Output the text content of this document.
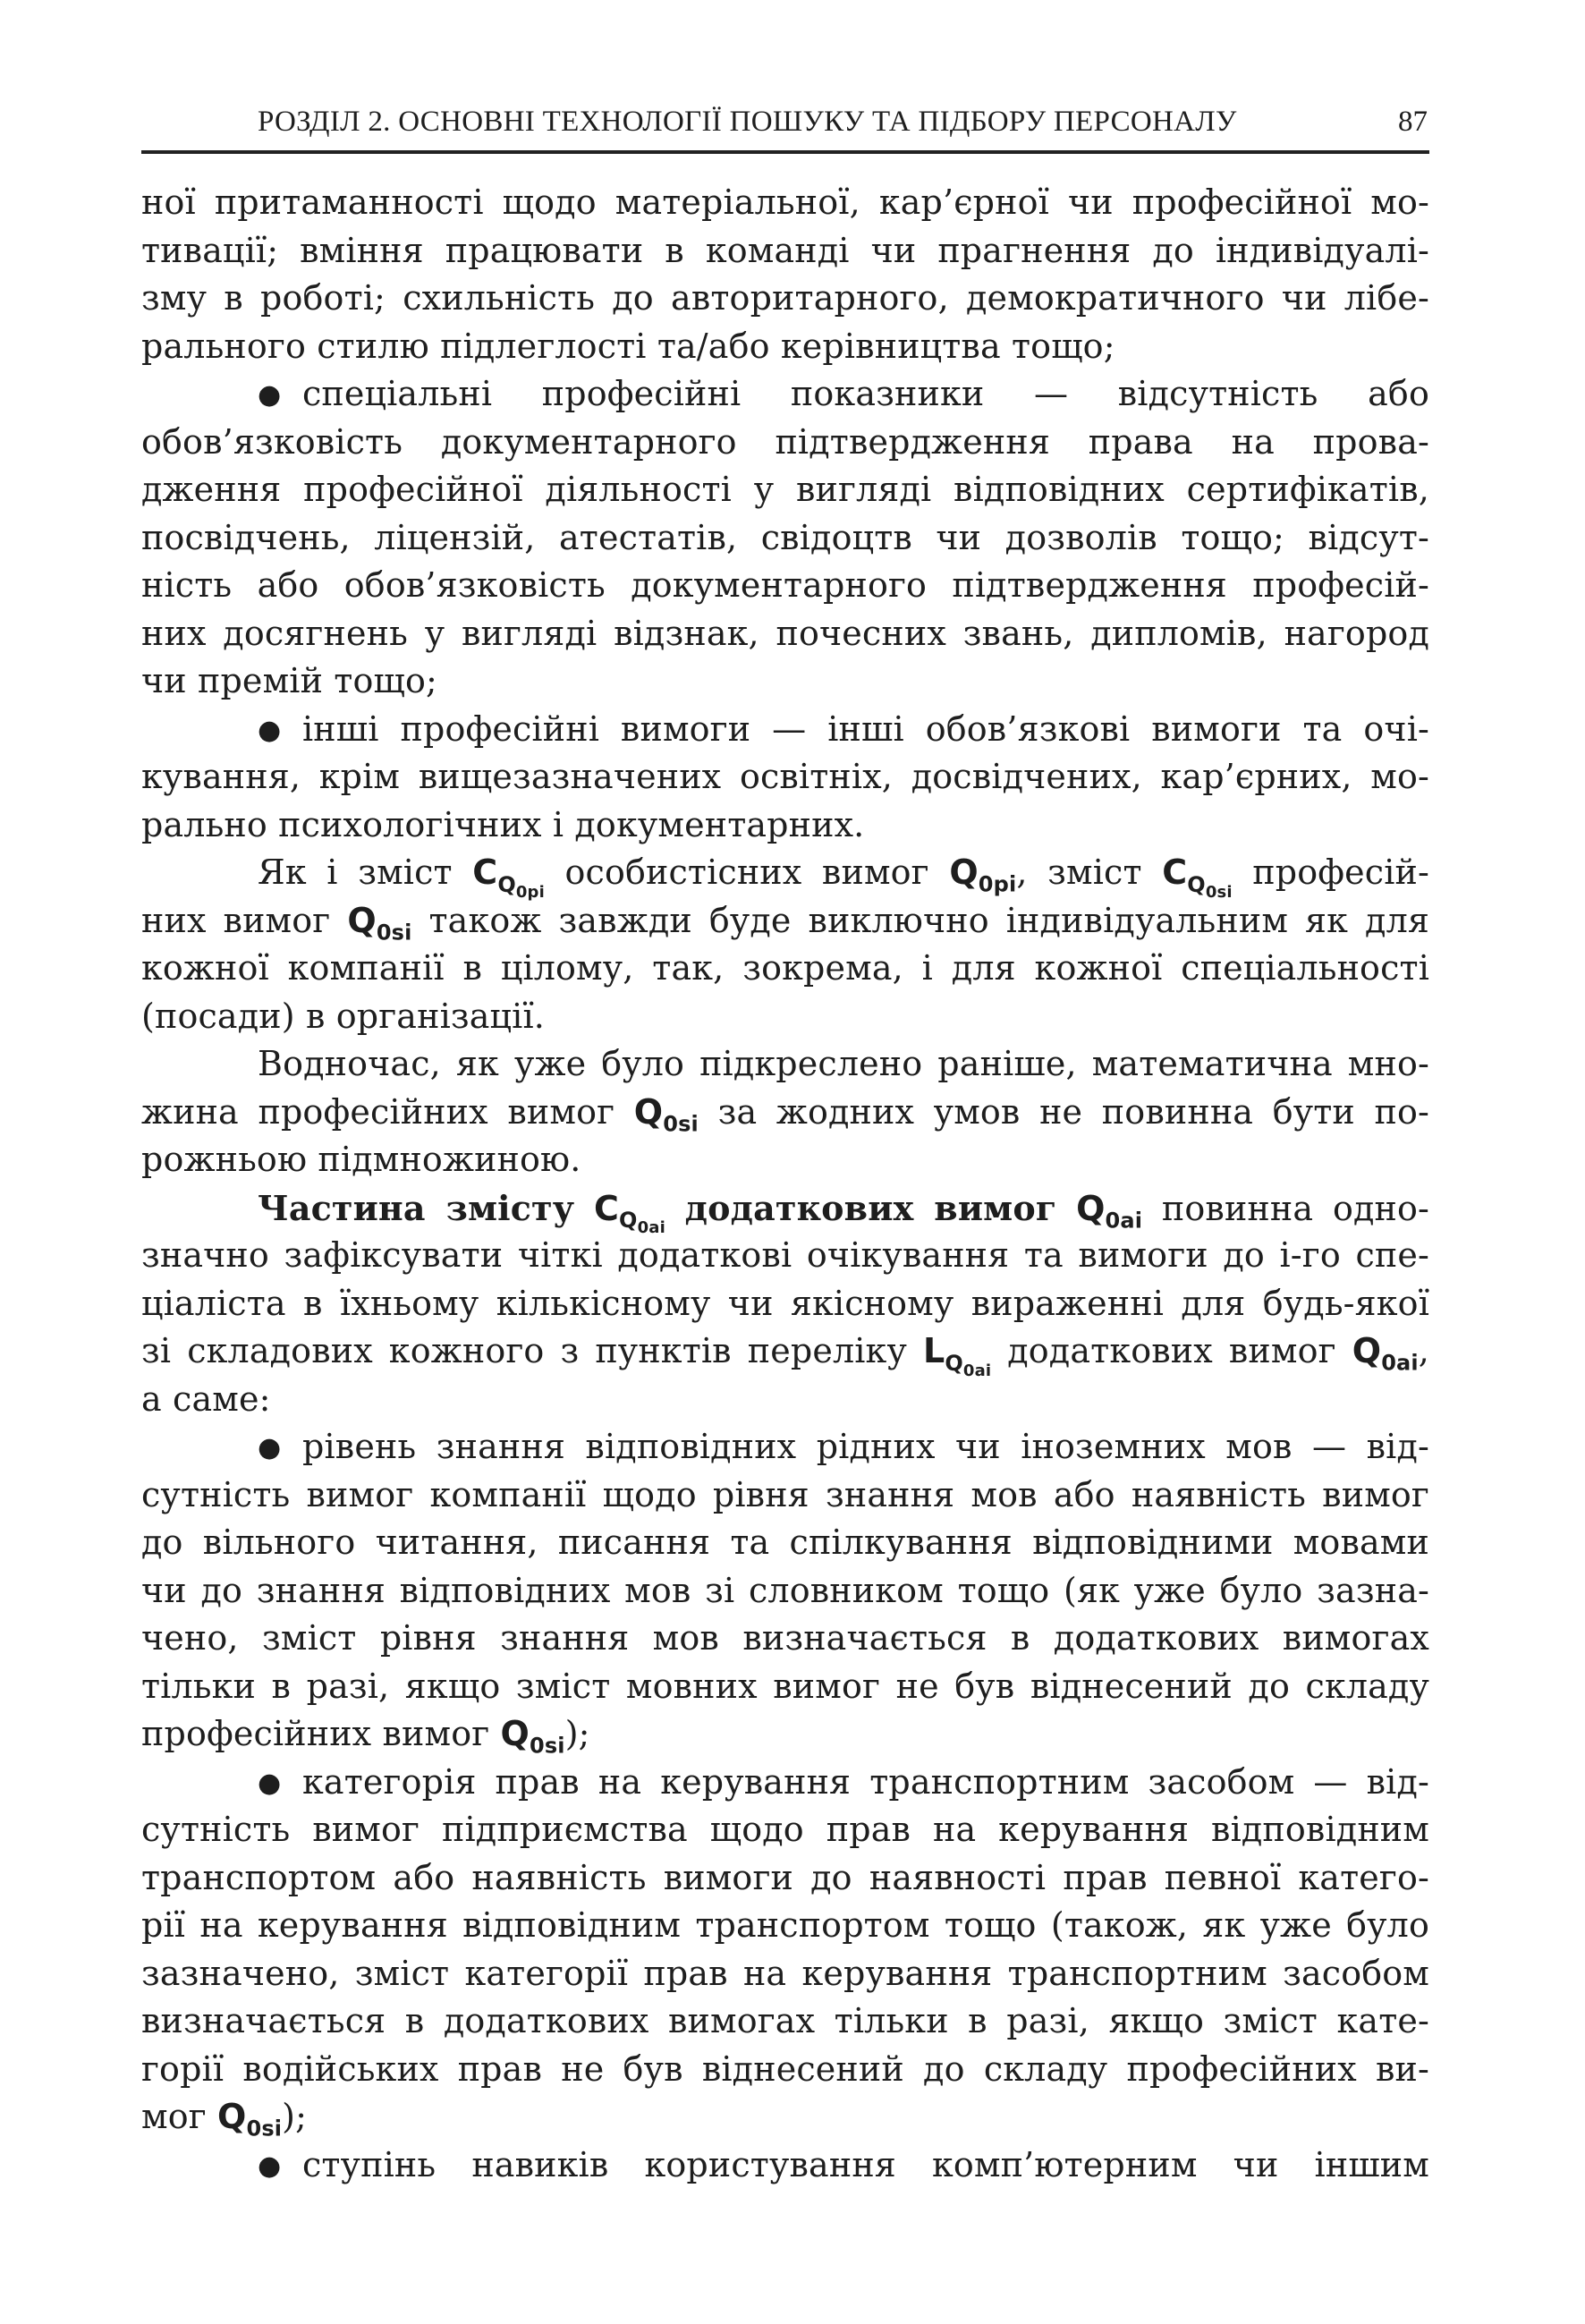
РОЗДІЛ 2. ОСНОВНІ ТЕХНОЛОГІЇ ПОШУКУ ТА ПІДБОРУ ПЕРСОНАЛУ	87
ної притаманності щодо матеріальної, кар’єрної чи професійної мо-
тивації; вміння працювати в команді чи прагнення до індивідуалі-
зму в роботі; схильність до авторитарного, демократичного чи лібе-
рального стилю підлеглості та/або керівництва тощо;
● спеціальні професійні показники — відсутність або
обов’язковість документарного підтвердження права на прова-
дження професійної діяльності у вигляді відповідних сертифікатів,
посвідчень, ліцензій, атестатів, свідоцтв чи дозволів тощо; відсут-
ність або обов’язковість документарного підтвердження професій-
них досягнень у вигляді відзнак, почесних звань, дипломів, нагород
чи премій тощо;
● інші професійні вимоги — інші обов’язкові вимоги та очі-
кування, крім вищезазначених освітніх, досвідчених, кар’єрних, мо-
рально психологічних і документарних.
Як і зміст $C_{Q_{0pi}}$ особистісних вимог $Q_{0pi}$, зміст $C_{Q_{0si}}$ професій-
них вимог $Q_{0si}$ також завжди буде виключно індивідуальним як для
кожної компанії в цілому, так, зокрема, і для кожної спеціальності
(посади) в організації.
Водночас, як уже було підкреслено раніше, математична мно-
жина професійних вимог $Q_{0si}$ за жодних умов не повинна бути по-
рожньою підмножиною.
Частина змісту $C_{Q_{0ai}}$ додаткових вимог $Q_{0ai}$ повинна одно-
значно зафіксувати чіткі додаткові очікування та вимоги до і-го спе-
ціаліста в їхньому кількісному чи якісному вираженні для будь-якої
зі складових кожного з пунктів переліку $L_{Q_{0ai}}$ додаткових вимог $Q_{0ai}$,
а саме:
● рівень знання відповідних рідних чи іноземних мов — від-
сутність вимог компанії щодо рівня знання мов або наявність вимог
до вільного читання, писання та спілкування відповідними мовами
чи до знання відповідних мов зі словником тощо (як уже було зазна-
чено, зміст рівня знання мов визначається в додаткових вимогах
тільки в разі, якщо зміст мовних вимог не був віднесений до складу
професійних вимог $Q_{0si}$);
● категорія прав на керування транспортним засобом — від-
сутність вимог підприємства щодо прав на керування відповідним
транспортом або наявність вимоги до наявності прав певної катего-
рії на керування відповідним транспортом тощо (також, як уже було
зазначено, зміст категорії прав на керування транспортним засобом
визначається в додаткових вимогах тільки в разі, якщо зміст кате-
горії водійських прав не був віднесений до складу професійних ви-
мог $Q_{0si}$);
● ступінь навиків користування комп’ютерним чи іншим
